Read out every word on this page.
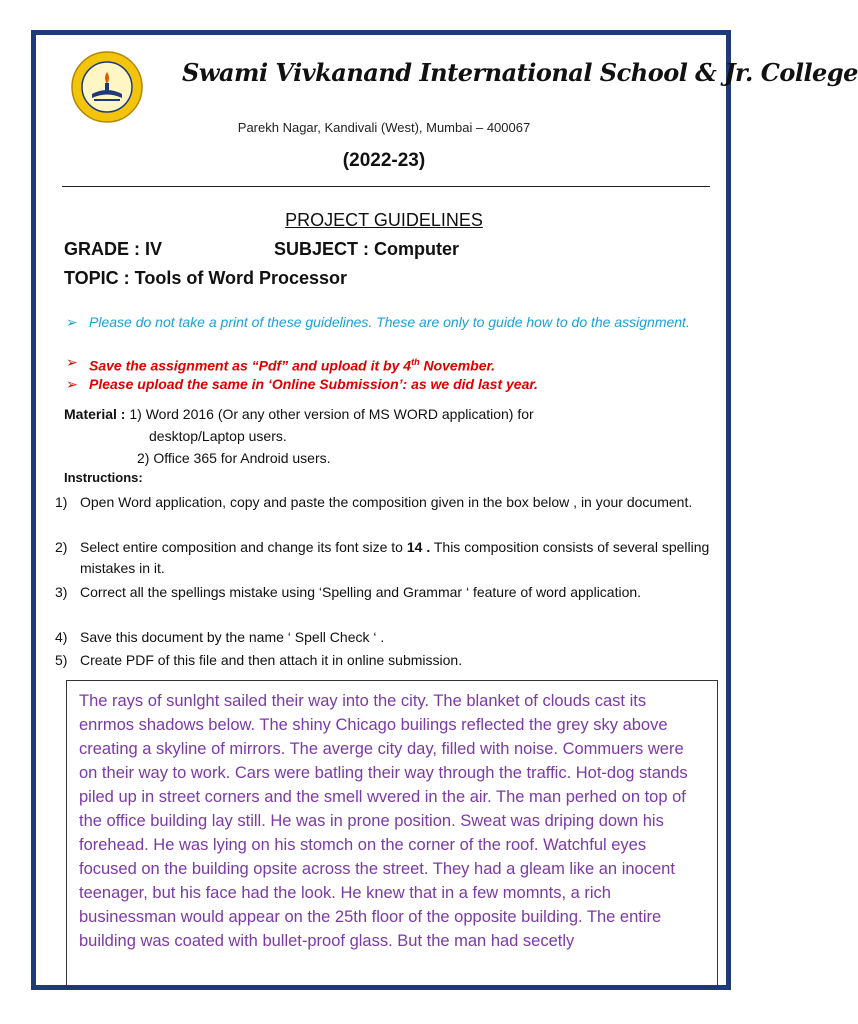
Swami Vivkanand International School & Jr. College
Parekh Nagar, Kandivali (West), Mumbai – 400067
(2022-23)
PROJECT GUIDELINES
GRADE : IV	SUBJECT : Computer
TOPIC : Tools of Word Processor
➢ Please do not take a print of these guidelines. These are only to guide how to do the assignment.
➢ Save the assignment as “Pdf” and upload it by 4th November.
➢ Please upload the same in ‘Online Submission’: as we did last year.
Material : 1) Word 2016 (Or any other version of MS WORD application) for
desktop/Laptop users.
2) Office 365 for Android users.
Instructions:
1) Open Word application, copy and paste the composition given in the box below , in your document.
2) Select entire composition and change its font size to 14 . This composition consists of several spelling mistakes in it.
3) Correct all the spellings mistake using ‘Spelling and Grammar ‘ feature of word application.
4) Save this document by the name ‘ Spell Check ‘ .
5) Create PDF of this file and then attach it in online submission.
The rays of sunlght sailed their way into the city. The blanket of clouds cast its enrmos shadows below. The shiny Chicago builings reflected the grey sky above creating a skyline of mirrors. The averge city day, filled with noise. Commuers were on their way to work. Cars were batling their way through the traffic. Hot-dog stands piled up in street corners and the smell wvered in the air. The man perhed on top of the office building lay still. He was in prone position. Sweat was driping down his forehead. He was lying on his stomch on the corner of the roof. Watchful eyes focused on the building opsite across the street. They had a gleam like an inocent teenager, but his face had the look. He knew that in a few momnts, a rich businessman would appear on the 25th floor of the opposite building. The entire building was coated with bullet-proof glass. But the man had secetly
